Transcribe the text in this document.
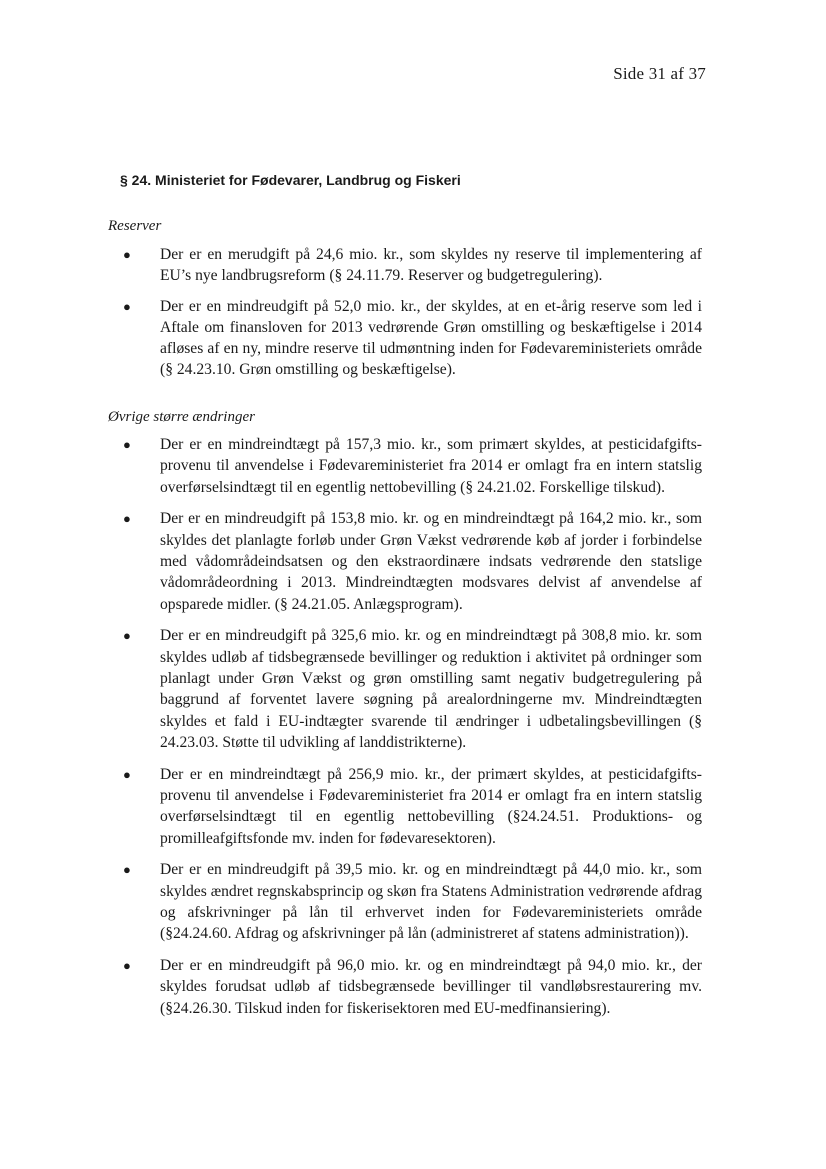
Side 31 af 37
§ 24. Ministeriet for Fødevarer, Landbrug og Fiskeri
Reserver
● Der er en merudgift på 24,6 mio. kr., som skyldes ny reserve til implementering af EU’s nye landbrugsreform (§ 24.11.79. Reserver og budgetregulering).
● Der er en mindreudgift på 52,0 mio. kr., der skyldes, at en et-årig reserve som led i Aftale om finansloven for 2013 vedrørende Grøn omstilling og beskæftigelse i 2014 afløses af en ny, mindre reserve til udmøntning inden for Fødevareministeriets område (§ 24.23.10. Grøn omstilling og beskæftigelse).
Øvrige større ændringer
● Der er en mindreindtægt på 157,3 mio. kr., som primært skyldes, at pesticidafgiftsprovenu til anvendelse i Fødevareministeriet fra 2014 er omlagt fra en intern statslig overførselsindtægt til en egentlig nettobevilling (§ 24.21.02. Forskellige tilskud).
● Der er en mindreudgift på 153,8 mio. kr. og en mindreindtægt på 164,2 mio. kr., som skyldes det planlagte forløb under Grøn Vækst vedrørende køb af jorder i forbindelse med vådområdeindsatsen og den ekstraordinære indsats vedrørende den statslige vådområdeordning i 2013. Mindreindtægten modsvares delvist af anvendelse af opsparede midler. (§ 24.21.05. Anlægsprogram).
● Der er en mindreudgift på 325,6 mio. kr. og en mindreindtægt på 308,8 mio. kr. som skyldes udløb af tidsbegrænsede bevillinger og reduktion i aktivitet på ordninger som planlagt under Grøn Vækst og grøn omstilling samt negativ budgetregulering på baggrund af forventet lavere søgning på arealordningerne mv. Mindreindtægten skyldes et fald i EU-indtægter svarende til ændringer i udbetalingsbevillingen (§ 24.23.03. Støtte til udvikling af landdistrikterne).
● Der er en mindreindtægt på 256,9 mio. kr., der primært skyldes, at pesticidafgiftsprovenu til anvendelse i Fødevareministeriet fra 2014 er omlagt fra en intern statslig overførselsindtægt til en egentlig nettobevilling (§24.24.51. Produktions- og promilleafgiftsfonde mv. inden for fødevaresektoren).
● Der er en mindreudgift på 39,5 mio. kr. og en mindreindtægt på 44,0 mio. kr., som skyldes ændret regnskabsprincip og skøn fra Statens Administration vedrørende afdrag og afskrivninger på lån til erhvervet inden for Fødevareministeriets område (§24.24.60. Afdrag og afskrivninger på lån (administreret af statens administration)).
● Der er en mindreudgift på 96,0 mio. kr. og en mindreindtægt på 94,0 mio. kr., der skyldes forudsat udløb af tidsbegrænsede bevillinger til vandløbsrestaurering mv. (§24.26.30. Tilskud inden for fiskerisektoren med EU-medfinansiering).
